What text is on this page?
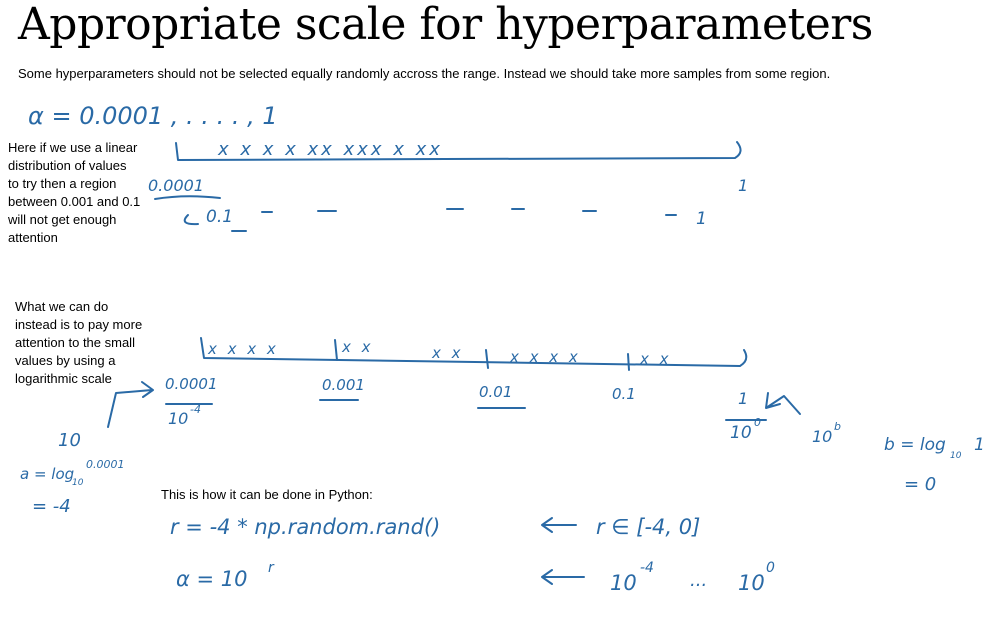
Appropriate scale for hyperparameters
Some hyperparameters should not be selected equally randomly accross the range. Instead we should take more samples from some region.
Here if we use a linear
distribution of values
to try then a region
between 0.001 and 0.1
will not get enough
attention
What we can do
instead is to pay more
attention to the small
values by using a
logarithmic scale
This is how it can be done in Python:
α = 0.0001 , . . . . , 1
x x x x xx xxx x xx
0.0001	1
0.1	1
x x x x	x x	x x	x x x x	x x
0.0001	0.001	0.01	0.1	1
10 -4
10
0
10
a = log
10
0.0001
= -4
10
b
b = log
10
1
= 0
r = -4 * np.random.rand()	r ∈ [-4, 0]
α = 10 r
10
-4
... 10
0
